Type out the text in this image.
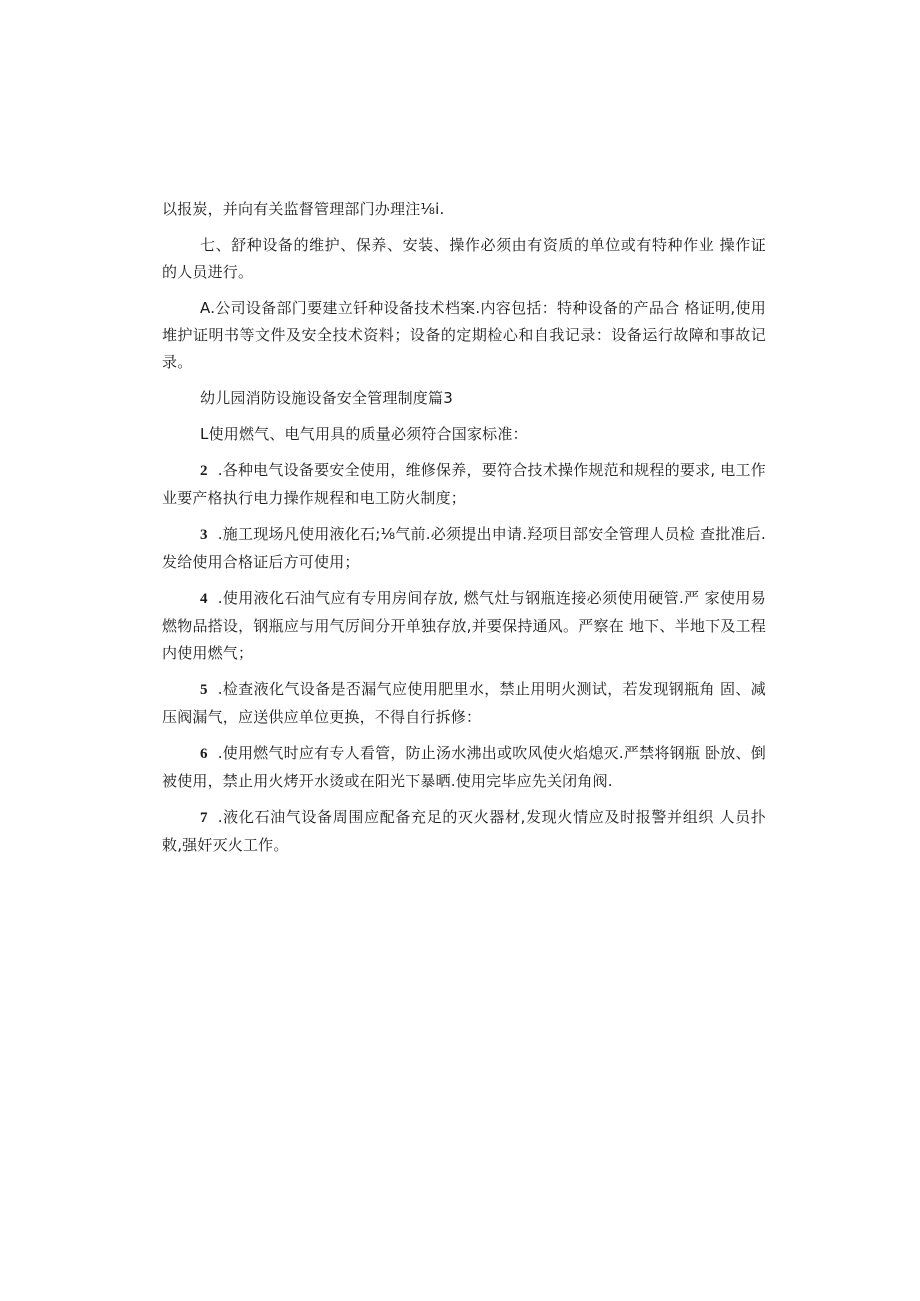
以报炭，并向有关监督管理部门办理注⅛i.

七、舒种设备的维护、保养、安装、操作必须由有资质的单位或有特种作业 操作证的人员进行。

A.公司设备部门要建立钎种设备技术档案.内容包括：特种设备的产品合 格证明,使用堆护证明书等文件及安全技术资料；设备的定期检心和自我记录：设备运行故障和事故记录。

幼儿园消防设施设备安全管理制度篇3

L使用燃气、电气用具的质量必须符合国家标准：

2 .各种电气设备要安全使用，维修保养，要符合技术操作规范和规程的要求, 电工作业要产格执行电力操作规程和电工防火制度；

3 .施工现场凡使用液化石;⅛气前.必须提出申请.羟项目部安全管理人员检 查批准后.发给使用合格证后方可使用；

4 .使用液化石油气应有专用房间存放, 燃气灶与钢瓶连接必须使用硬管.严 家使用易燃物品搭设，钢瓶应与用气厉间分开单独存放,并要保持通风。严察在 地下、半地下及工程内使用燃气；

5 .检查液化气设备是否漏气应使用肥里水，禁止用明火测试，若发现钢瓶角 固、减压阀漏气，应送供应单位更换，不得自行拆修：

6 .使用燃气时应有专人看管，防止汤水沸出或吹风使火焰熄灭.严禁将钢瓶 卧放、倒被使用，禁止用火烤开水烫或在阳光下暴晒.使用完毕应先关闭角阀.

7 .液化石油气设备周围应配备充足的灭火器材,发现火情应及时报警并组织 人员扑敕,强奸灭火工作。
